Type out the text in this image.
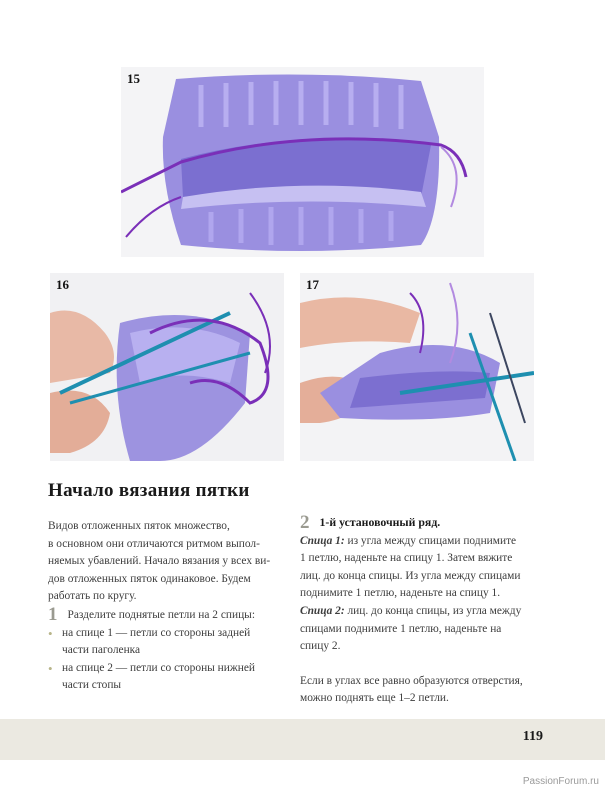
15
16	17
Начало вязания пятки

Видов отложенных пяток множество,
в основном они отличаются ритмом выпол-
няемых убавлений. Начало вязания у всех ви-
дов отложенных пяток одинаковое. Будем
работать по кругу.

1 Разделите поднятые петли на 2 спицы:

• на спице 1 — петли со стороны задней

части паголенка

• на спице 2 — петли со стороны нижней

части стопы

2 1-й установочный ряд.

Спица 1: из угла между спицами поднимите

1 петлю, наденьте на спицу 1. Затем вяжите

лиц. до конца спицы. Из угла между спицами

поднимите 1 петлю, наденьте на спицу 1.

Спица 2: лиц. до конца спицы, из угла между

спицами поднимите 1 петлю, наденьте на

спицу 2.

Если в углах все равно образуются отверстия,

можно поднять еще 1–2 петли.

119
PassionForum.ru
